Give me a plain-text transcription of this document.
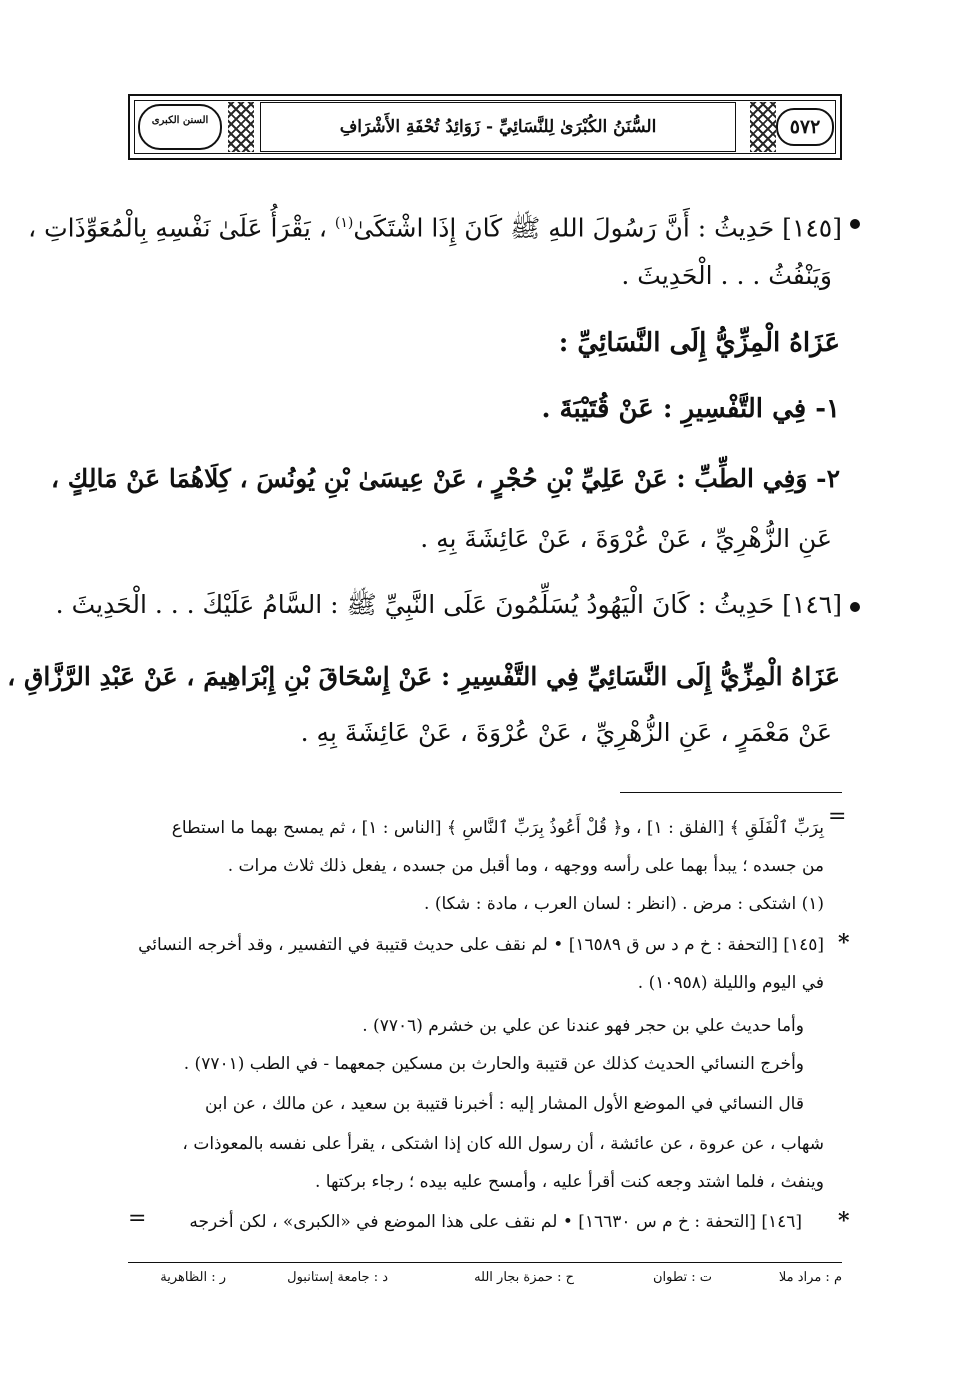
السنن الكبرى	السُّنَنُ الكُبْرَىٰ لِلنَّسَائِيِّ - زَوَائِدُ تُحْفَةِ الأَشْرَافِ	٥٧٢
[١٤٥] حَدِيثُ : أَنَّ رَسُولَ اللهِ ﷺ كَانَ إِذَا اشْتَكَىٰ$^{(١)}$ ، يَقْرَأُ عَلَىٰ نَفْسِهِ بِالْمُعَوِّذَاتِ ،
وَيَنْفُثُ . . . الْحَدِيثَ .
عَزَاهُ الْمِزِّيُّ إِلَى النَّسَائِيِّ :
١- فِي التَّفْسِيرِ : عَنْ قُتَيْبَةَ .
٢- وَفِي الطِّبِّ : عَنْ عَلِيِّ بْنِ حُجْرٍ ، عَنْ عِيسَىٰ بْنِ يُونُسَ ، كِلَاهُمَا عَنْ مَالِكٍ ،
عَنِ الزُّهْرِيِّ ، عَنْ عُرْوَةَ ، عَنْ عَائِشَةَ بِهِ .
[١٤٦] حَدِيثُ : كَانَ الْيَهُودُ يُسَلِّمُونَ عَلَى النَّبِيِّ ﷺ : السَّامُ عَلَيْكَ . . . الْحَدِيثَ .
عَزَاهُ الْمِزِّيُّ إِلَى النَّسَائِيِّ فِي التَّفْسِيرِ : عَنْ إِسْحَاقَ بْنِ إِبْرَاهِيمَ ، عَنْ عَبْدِ الرَّزَّاقِ ،
عَنْ مَعْمَرٍ ، عَنِ الزُّهْرِيِّ ، عَنْ عُرْوَةَ ، عَنْ عَائِشَةَ بِهِ .
=
بِرَبِّ ٱلْفَلَقِ ﴾ [الفلق : ١] ، و﴿ قُلْ أَعُوذُ بِرَبِّ ٱلنَّاسِ ﴾ [الناس : ١] ، ثم يمسح بهما ما استطاع
من جسده ؛ يبدأ بهما على رأسه ووجهه ، وما أقبل من جسده ، يفعل ذلك ثلاث مرات .
(١) اشتكى : مرض . (انظر : لسان العرب ، مادة : شكا) .
*
[١٤٥] [التحفة : خ م د س ق ١٦٥٨٩] • لم نقف على حديث قتيبة في التفسير ، وقد أخرجه النسائي
في اليوم والليلة (١٠٩٥٨) .
وأما حديث علي بن حجر فهو عندنا عن علي بن خشرم (٧٧٠٦) .
وأخرج النسائي الحديث كذلك عن قتيبة والحارث بن مسكين جمعهما - في الطب (٧٧٠١) .
قال النسائي في الموضع الأول المشار إليه : أخبرنا قتيبة بن سعيد ، عن مالك ، عن ابن
شهاب ، عن عروة ، عن عائشة ، أن رسول الله كان إذا اشتكى ، يقرأ على نفسه بالمعوذات ،
وينفث ، فلما اشتد وجعه كنت أقرأ عليه ، وأمسح عليه بيده ؛ رجاء بركتها .
*
[١٤٦] [التحفة : خ م س ١٦٦٣٠] • لم نقف على هذا الموضع في «الكبرى» ، لكن أخرجه
=
م : مراد ملا
ت : تطوان
ح : حمزة بجار الله
د : جامعة إستانبول
ر : الظاهرية
